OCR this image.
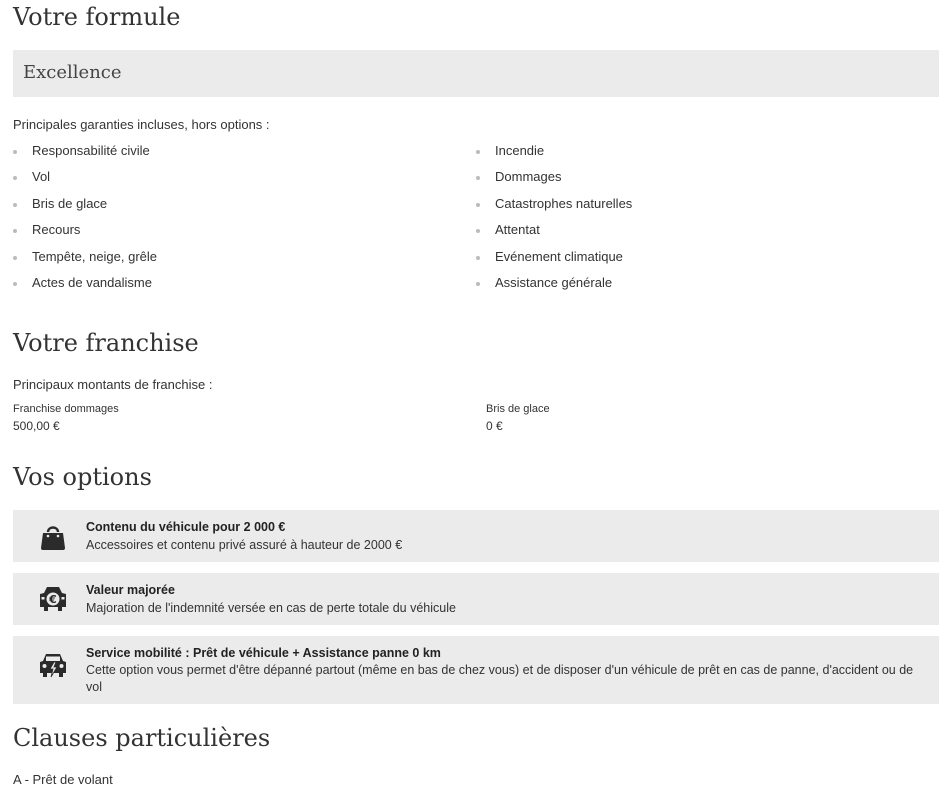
Votre formule
Excellence
Principales garanties incluses, hors options :
Responsabilité civile
Vol
Bris de glace
Recours
Tempête, neige, grêle
Actes de vandalisme
Incendie
Dommages
Catastrophes naturelles
Attentat
Evénement climatique
Assistance générale
Votre franchise
Principaux montants de franchise :
Franchise dommages
500,00 €
Bris de glace
0 €
Vos options
Contenu du véhicule pour 2 000 €
Accessoires et contenu privé assuré à hauteur de 2000 €
€
Valeur majorée
Majoration de l'indemnité versée en cas de perte totale du véhicule
Service mobilité : Prêt de véhicule + Assistance panne 0 km
Cette option vous permet d'être dépanné partout (même en bas de chez vous) et de disposer d'un véhicule de prêt en cas de panne, d'accident ou de vol
Clauses particulières
A - Prêt de volant
